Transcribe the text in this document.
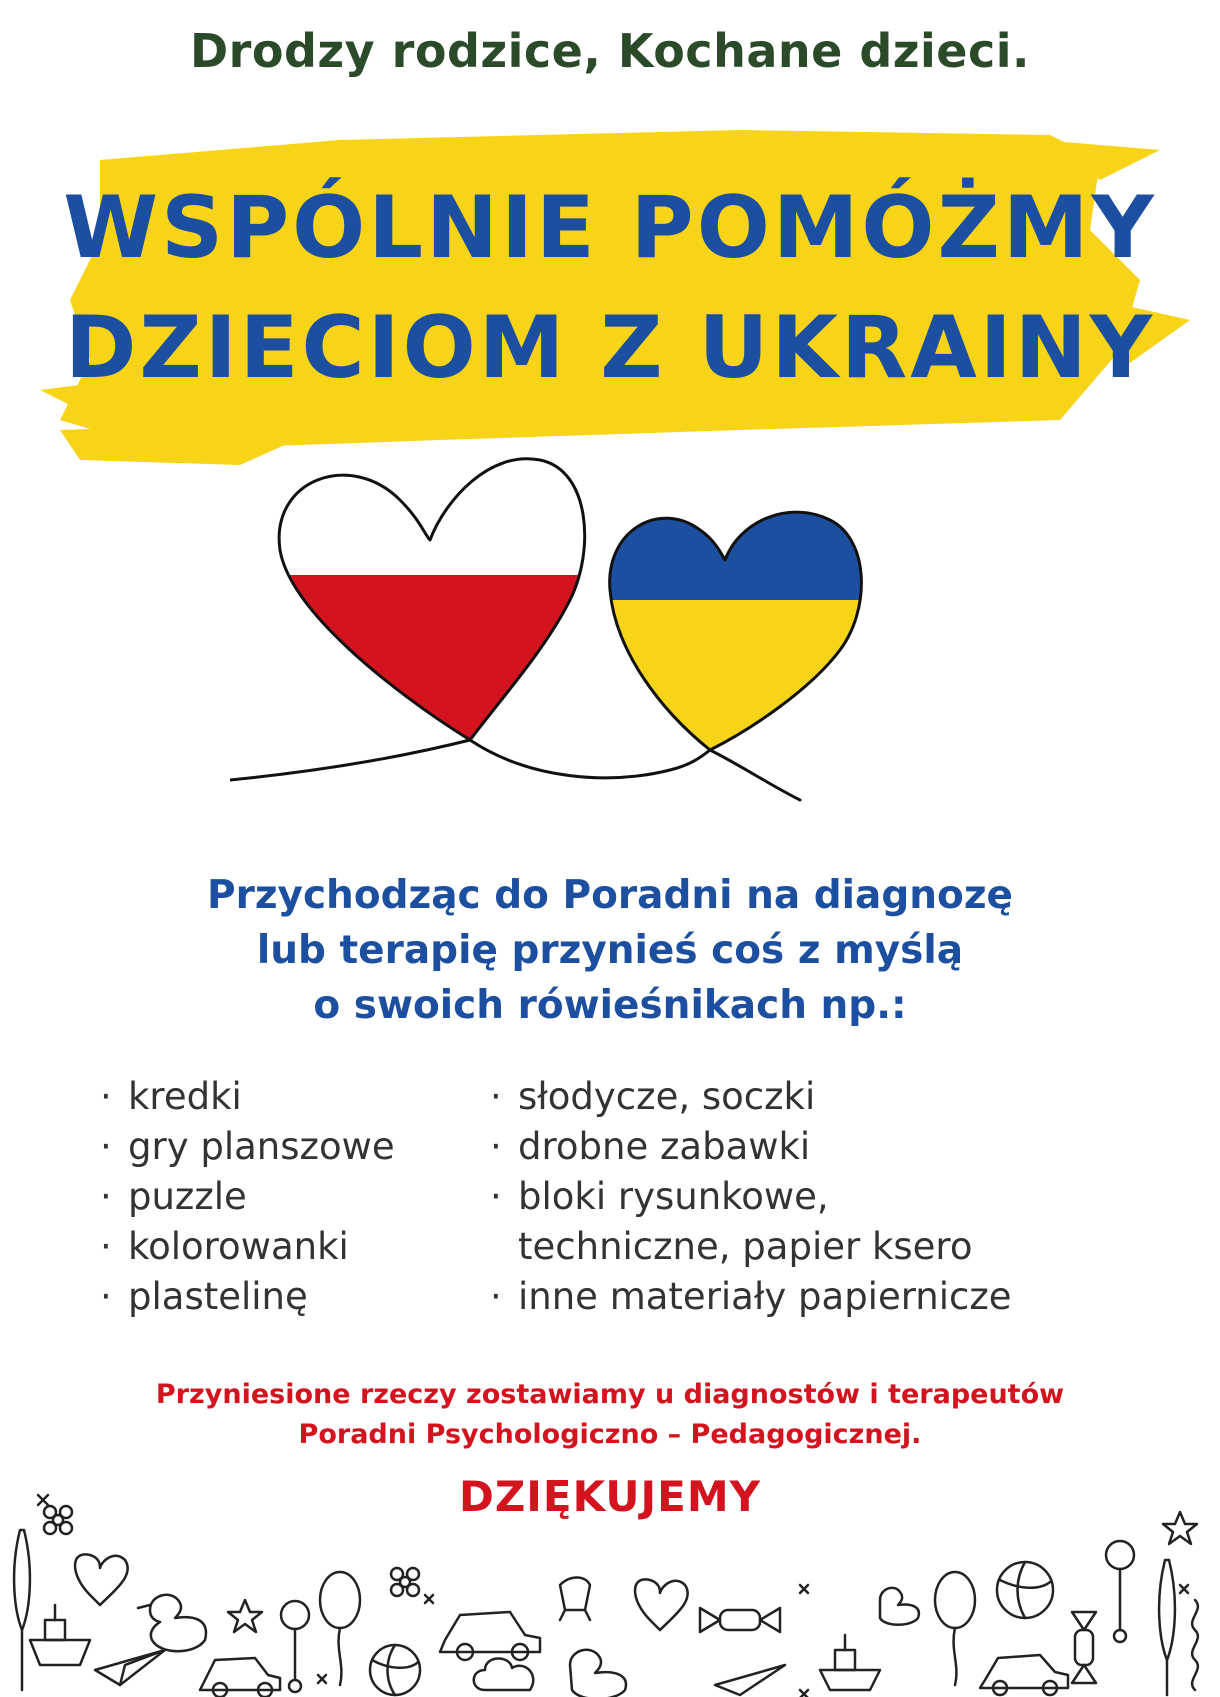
Drodzy rodzice, Kochane dzieci.
WSPÓLNIE POMÓŻMY
DZIECIOM Z UKRAINY
Przychodząc do Poradni na diagnozę
lub terapię przynieś coś z myślą
o swoich rówieśnikach np.:
· kredki
· gry planszowe
· puzzle
· kolorowanki
· plastelinę
· słodycze, soczki
· drobne zabawki
· bloki rysunkowe,
techniczne, papier ksero
· inne materiały papiernicze
Przyniesione rzeczy zostawiamy u diagnostów i terapeutów
Poradni Psychologiczno – Pedagogicznej.
DZIĘKUJEMY
